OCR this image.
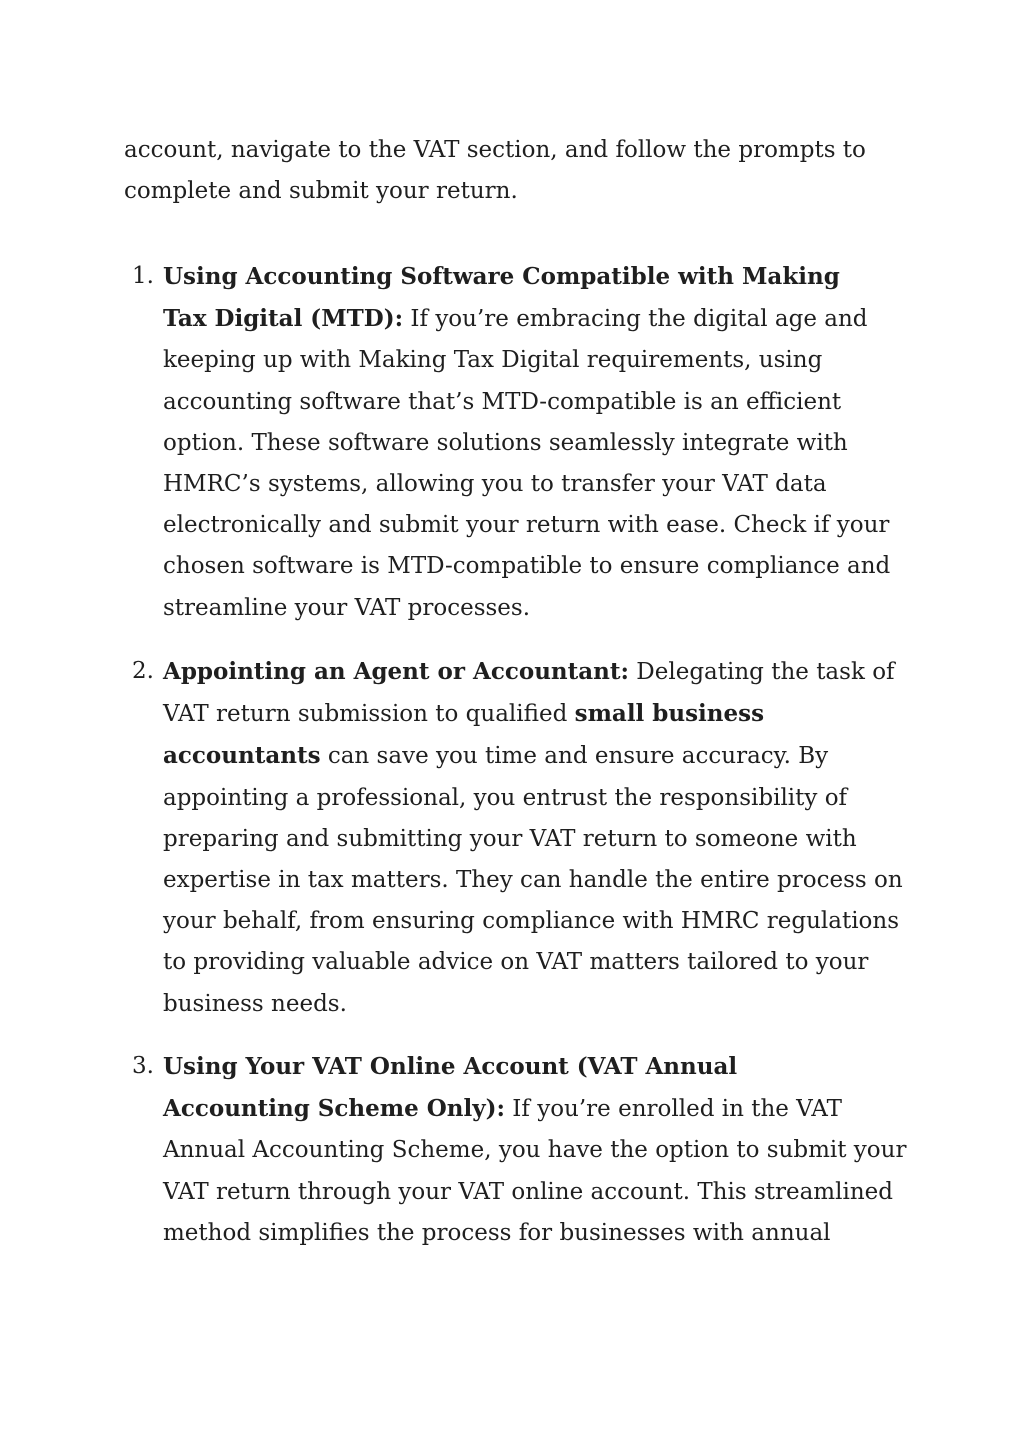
account, navigate to the VAT section, and follow the prompts to
complete and submit your return.
1. Using Accounting Software Compatible with Making
Tax Digital (MTD): If you’re embracing the digital age and
keeping up with Making Tax Digital requirements, using
accounting software that’s MTD-compatible is an efficient
option. These software solutions seamlessly integrate with
HMRC’s systems, allowing you to transfer your VAT data
electronically and submit your return with ease. Check if your
chosen software is MTD-compatible to ensure compliance and
streamline your VAT processes.
2. Appointing an Agent or Accountant: Delegating the task of
VAT return submission to qualified small business
accountants can save you time and ensure accuracy. By
appointing a professional, you entrust the responsibility of
preparing and submitting your VAT return to someone with
expertise in tax matters. They can handle the entire process on
your behalf, from ensuring compliance with HMRC regulations
to providing valuable advice on VAT matters tailored to your
business needs.
3. Using Your VAT Online Account (VAT Annual
Accounting Scheme Only): If you’re enrolled in the VAT
Annual Accounting Scheme, you have the option to submit your
VAT return through your VAT online account. This streamlined
method simplifies the process for businesses with annual
